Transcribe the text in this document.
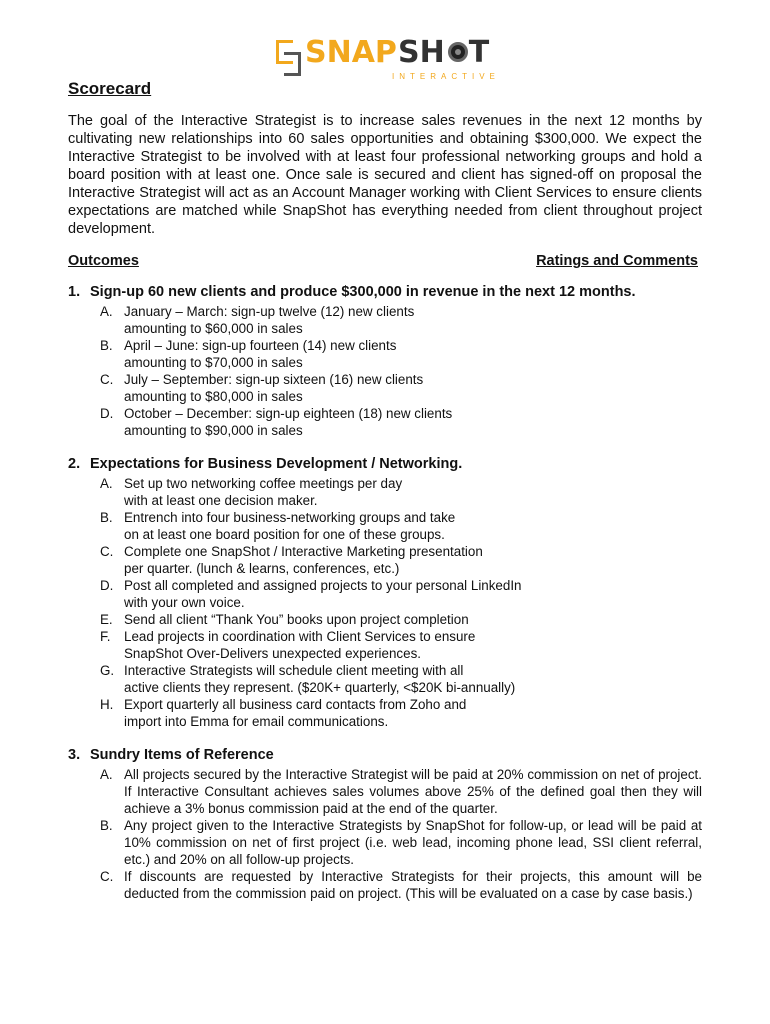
SNAP SH T
INTERACTIVE
Scorecard

The goal of the Interactive Strategist is to increase sales revenues in the next 12 months by cultivating new relationships into 60 sales opportunities and obtaining $300,000. We expect the Interactive Strategist to be involved with at least four professional networking groups and hold a board position with at least one. Once sale is secured and client has signed-off on proposal the Interactive Strategist will act as an Account Manager working with Client Services to ensure clients expectations are matched while SnapShot has everything needed from client throughout project development.

Outcomes	Ratings and Comments
1. Sign-up 60 new clients and produce $300,000 in revenue in the next 12 months.
A. January – March: sign-up twelve (12) new clients
amounting to $60,000 in sales
B. April – June: sign-up fourteen (14) new clients
amounting to $70,000 in sales
C. July – September: sign-up sixteen (16) new clients
amounting to $80,000 in sales
D. October – December: sign-up eighteen (18) new clients
amounting to $90,000 in sales
2. Expectations for Business Development / Networking.
A. Set up two networking coffee meetings per day
with at least one decision maker.
B. Entrench into four business-networking groups and take
on at least one board position for one of these groups.
C. Complete one SnapShot / Interactive Marketing presentation
per quarter. (lunch & learns, conferences, etc.)
D. Post all completed and assigned projects to your personal LinkedIn
with your own voice.
E. Send all client “Thank You” books upon project completion
F.	Lead projects in coordination with Client Services to ensure
SnapShot Over-Delivers unexpected experiences.
G. Interactive Strategists will schedule client meeting with all
active clients they represent. ($20K+ quarterly, <$20K bi-annually)
H. Export quarterly all business card contacts from Zoho and
import into Emma for email communications.
3. Sundry Items of Reference
A. All projects secured by the Interactive Strategist will be paid at 20% commission on net of project. If Interactive Consultant achieves sales volumes above 25% of the defined goal then they will achieve a 3% bonus commission paid at the end of the quarter.
B. Any project given to the Interactive Strategists by SnapShot for follow-up, or lead will be paid at 10% commission on net of first project (i.e. web lead, incoming phone lead, SSI client referral, etc.) and 20% on all follow-up projects.
C. If discounts are requested by Interactive Strategists for their projects, this amount will be deducted from the commission paid on project. (This will be evaluated on a case by case basis.)
